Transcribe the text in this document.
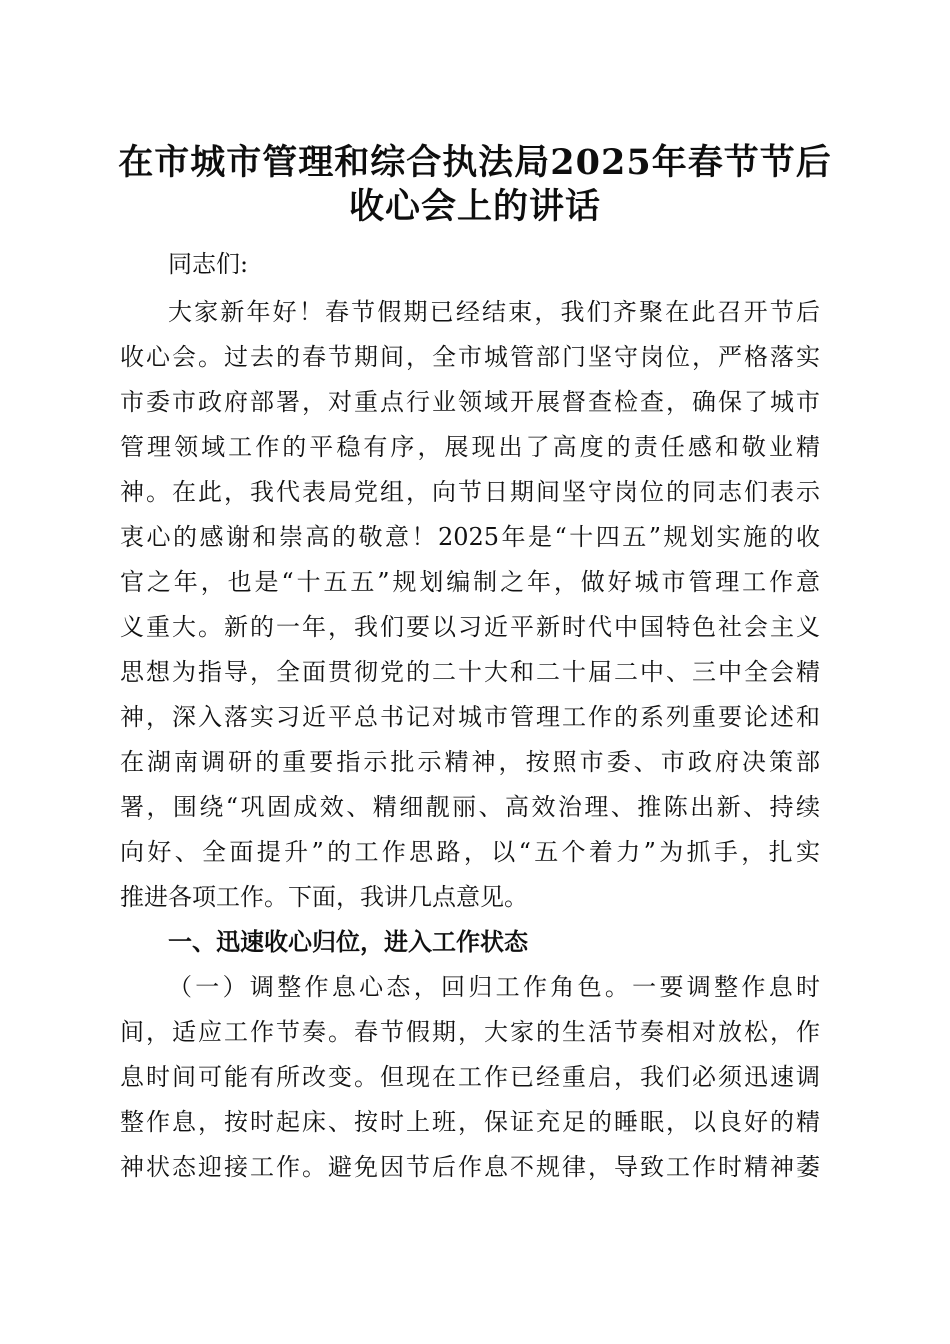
在市城市管理和综合执法局2025年春节节后
收心会上的讲话

同志们:

大家新年好！春节假期已经结束，我们齐聚在此召开节后

收心会。过去的春节期间，全市城管部门坚守岗位，严格落实

市委市政府部署，对重点行业领域开展督查检查，确保了城市

管理领域工作的平稳有序，展现出了高度的责任感和敬业精

神。在此，我代表局党组，向节日期间坚守岗位的同志们表示

衷心的感谢和崇高的敬意！2025年是“十四五”规划实施的收

官之年，也是“十五五”规划编制之年，做好城市管理工作意

义重大。新的一年，我们要以习近平新时代中国特色社会主义

思想为指导，全面贯彻党的二十大和二十届二中、三中全会精

神，深入落实习近平总书记对城市管理工作的系列重要论述和

在湖南调研的重要指示批示精神，按照市委、市政府决策部

署，围绕“巩固成效、精细靓丽、高效治理、推陈出新、持续

向好、全面提升”的工作思路，以“五个着力”为抓手，扎实

推进各项工作。下面，我讲几点意见。

一、迅速收心归位，进入工作状态

（一）调整作息心态，回归工作角色。一要调整作息时

间，适应工作节奏。春节假期，大家的生活节奏相对放松，作

息时间可能有所改变。但现在工作已经重启，我们必须迅速调

整作息，按时起床、按时上班，保证充足的睡眠，以良好的精

神状态迎接工作。避免因节后作息不规律，导致工作时精神萎
